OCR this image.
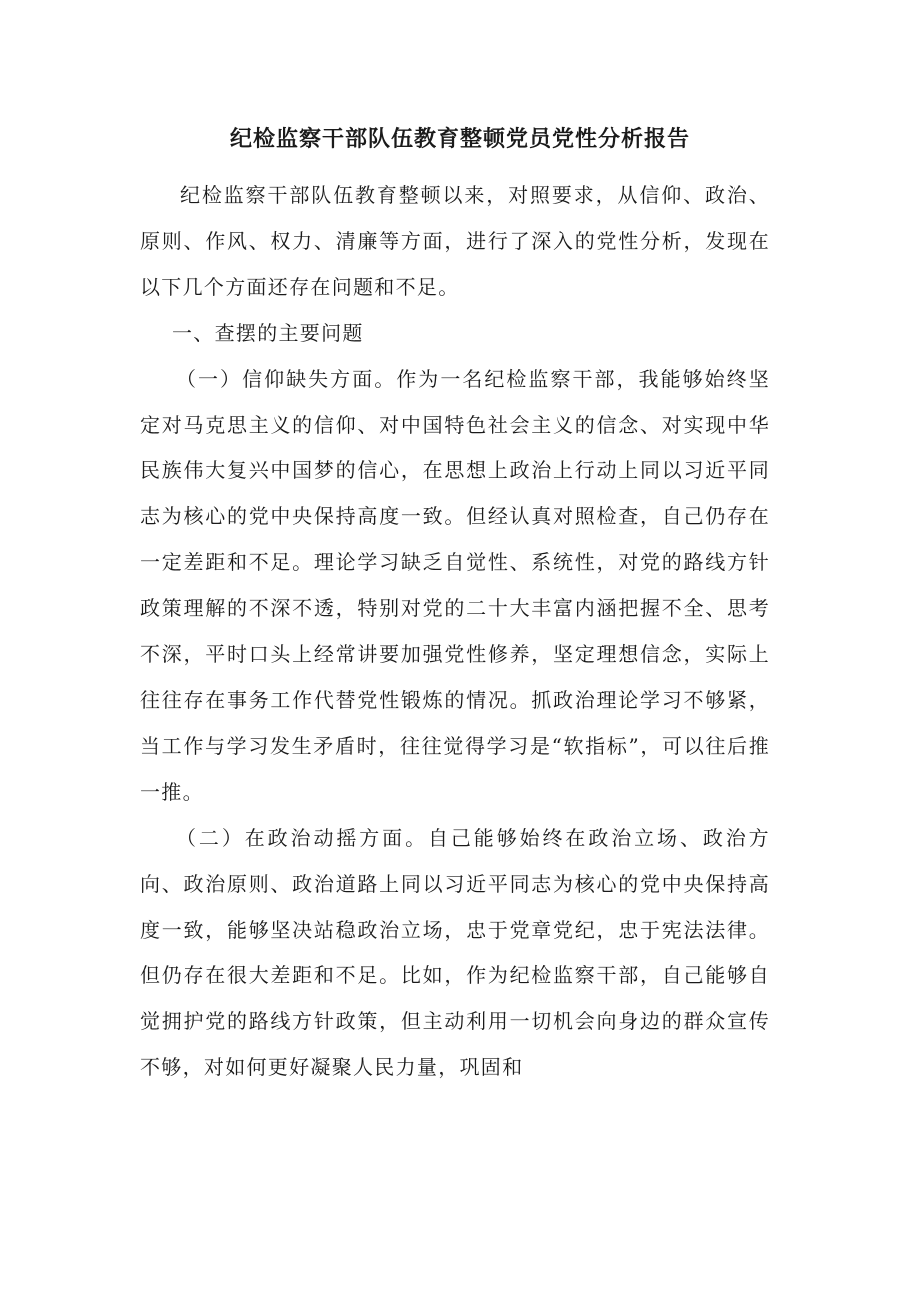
纪检监察干部队伍教育整顿党员党性分析报告

纪检监察干部队伍教育整顿以来，对照要求，从信仰、政治、原则、作风、权力、清廉等方面，进行了深入的党性分析，发现在以下几个方面还存在问题和不足。

一、查摆的主要问题

（一）信仰缺失方面。作为一名纪检监察干部，我能够始终坚定对马克思主义的信仰、对中国特色社会主义的信念、对实现中华民族伟大复兴中国梦的信心，在思想上政治上行动上同以习近平同志为核心的党中央保持高度一致。但经认真对照检查，自己仍存在一定差距和不足。理论学习缺乏自觉性、系统性，对党的路线方针政策理解的不深不透，特别对党的二十大丰富内涵把握不全、思考不深，平时口头上经常讲要加强党性修养，坚定理想信念，实际上往往存在事务工作代替党性锻炼的情况。抓政治理论学习不够紧，当工作与学习发生矛盾时，往往觉得学习是“软指标”，可以往后推一推。

（二）在政治动摇方面。自己能够始终在政治立场、政治方向、政治原则、政治道路上同以习近平同志为核心的党中央保持高度一致，能够坚决站稳政治立场，忠于党章党纪，忠于宪法法律。但仍存在很大差距和不足。比如，作为纪检监察干部，自己能够自觉拥护党的路线方针政策，但主动利用一切机会向身边的群众宣传不够，对如何更好凝聚人民力量，巩固和
